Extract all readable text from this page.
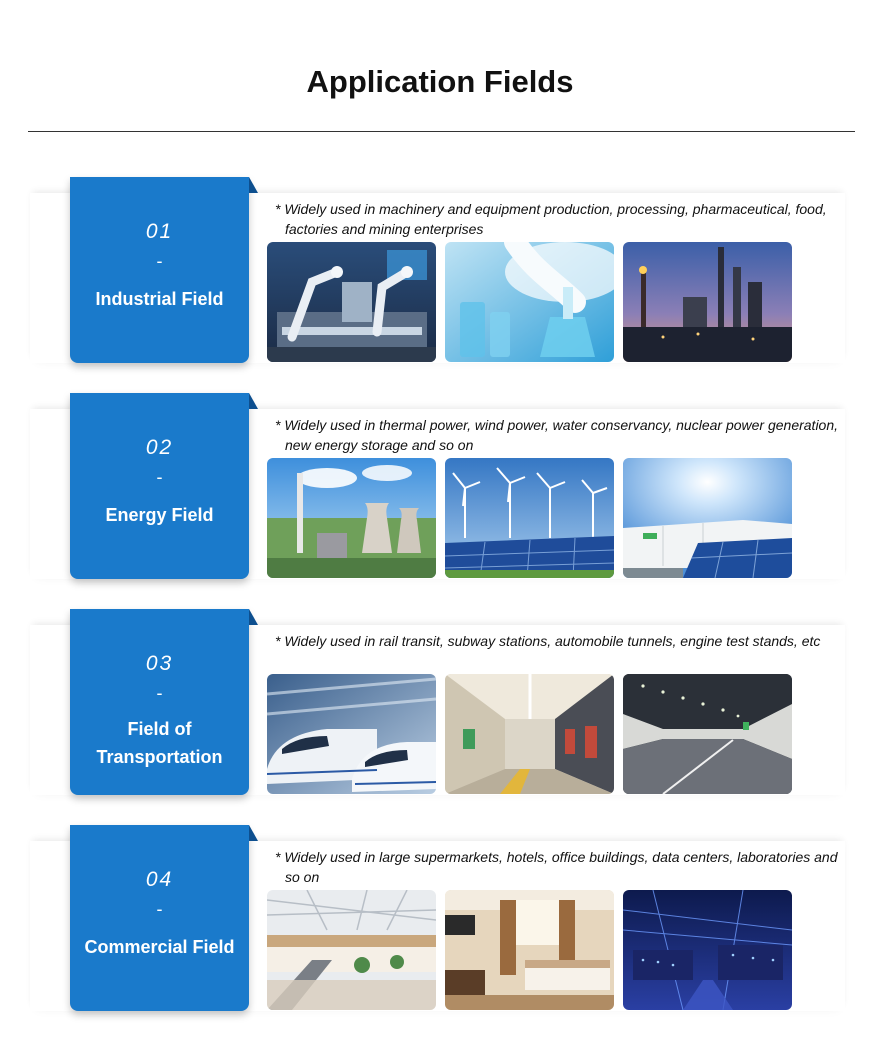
Application Fields
01
-
Industrial Field
* Widely used in machinery and equipment production, processing, pharmaceutical, food, factories and mining enterprises
02
-
Energy Field
* Widely used in thermal power, wind power, water conservancy, nuclear power generation, new energy storage and so on
03
-
Field of
Transportation
* Widely used in rail transit, subway stations, automobile tunnels, engine test stands, etc
04
-
Commercial Field
* Widely used in large supermarkets, hotels, office buildings, data centers, laboratories and so on
